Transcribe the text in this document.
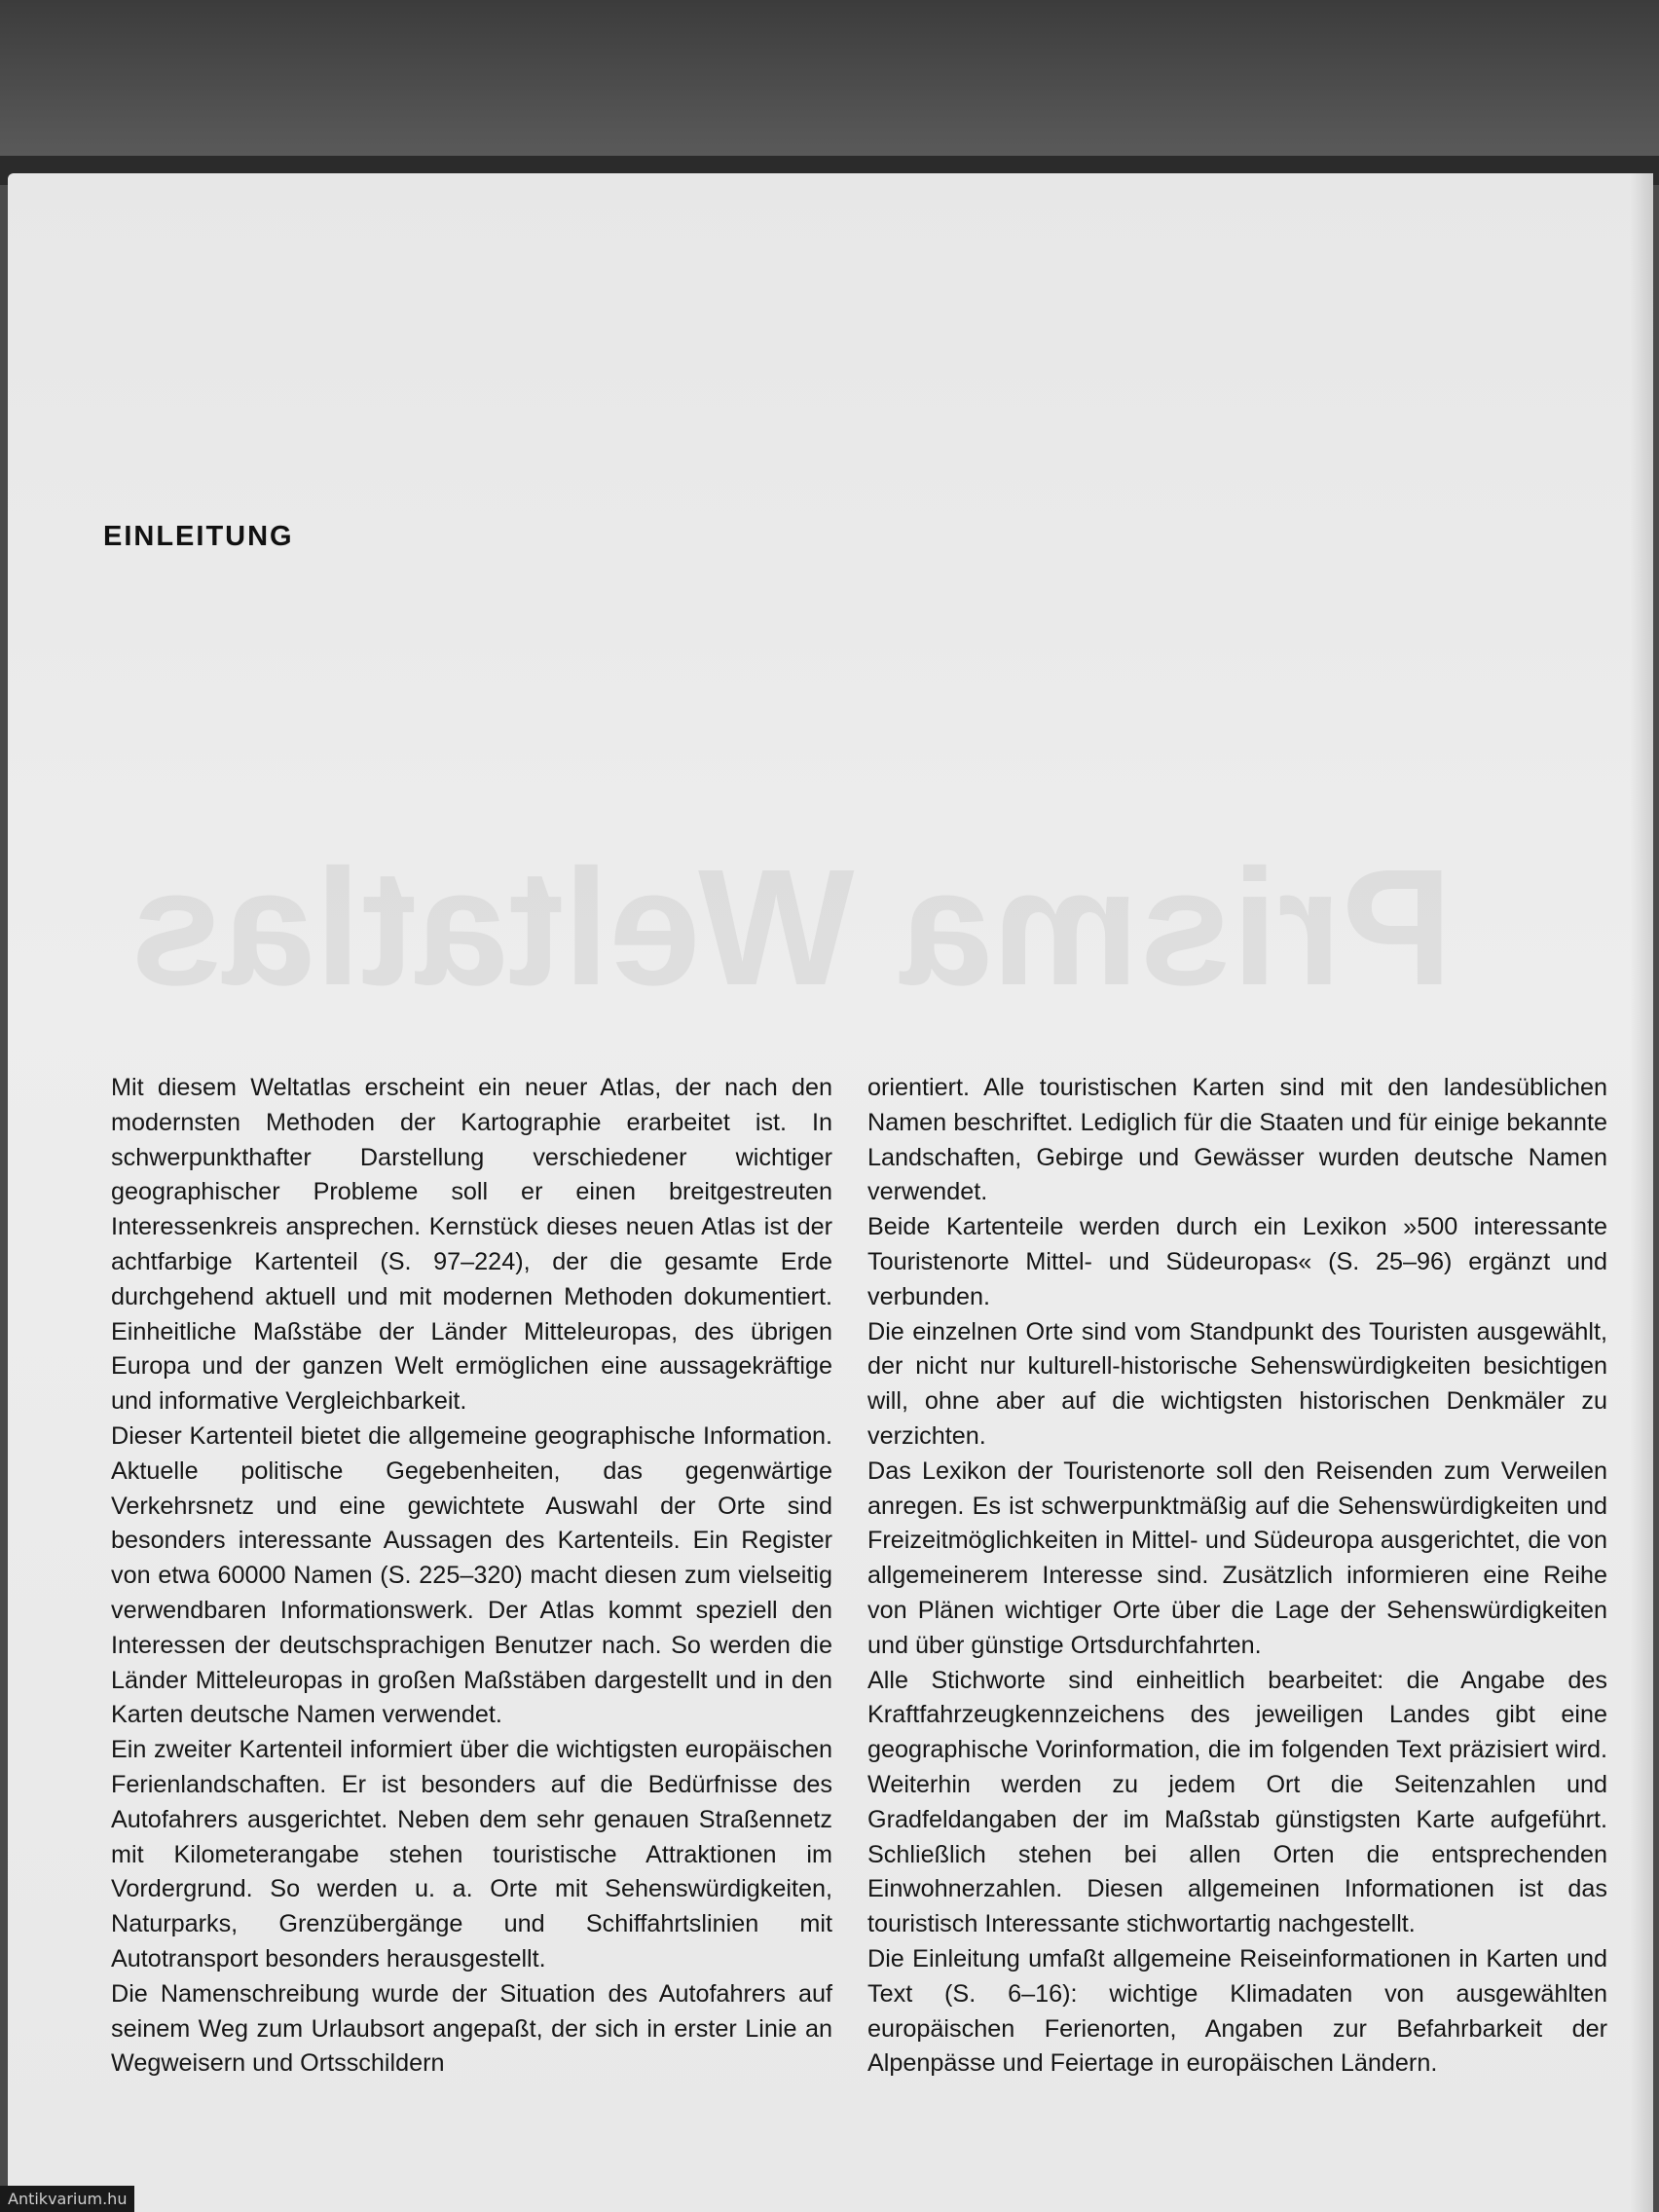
Prisma Weltatlas
EINLEITUNG

Mit diesem Weltatlas erscheint ein neuer Atlas, der nach den modernsten Methoden der Kartographie erarbeitet ist. In schwerpunkthafter Darstellung verschiedener wichtiger geographischer Probleme soll er einen breitgestreuten Interessenkreis ansprechen. Kernstück dieses neuen Atlas ist der achtfarbige Kartenteil (S. 97–224), der die gesamte Erde durchgehend aktuell und mit modernen Methoden dokumentiert. Einheitliche Maßstäbe der Länder Mitteleuropas, des übrigen Europa und der ganzen Welt ermöglichen eine aussagekräftige und informative Vergleichbarkeit.

Dieser Kartenteil bietet die allgemeine geographische Information. Aktuelle politische Gegebenheiten, das gegenwärtige Verkehrsnetz und eine gewichtete Auswahl der Orte sind besonders interessante Aussagen des Kartenteils. Ein Register von etwa 60000 Namen (S. 225–320) macht diesen zum vielseitig verwendbaren Informationswerk. Der Atlas kommt speziell den Interessen der deutschsprachigen Benutzer nach. So werden die Länder Mitteleuropas in großen Maßstäben dargestellt und in den Karten deutsche Namen verwendet.

Ein zweiter Kartenteil informiert über die wichtigsten europäischen Ferienlandschaften. Er ist besonders auf die Bedürfnisse des Autofahrers ausgerichtet. Neben dem sehr genauen Straßennetz mit Kilometerangabe stehen touristische Attraktionen im Vordergrund. So werden u. a. Orte mit Sehenswürdigkeiten, Naturparks, Grenzübergänge und Schiffahrtslinien mit Autotransport besonders herausgestellt.

Die Namenschreibung wurde der Situation des Autofahrers auf seinem Weg zum Urlaubsort angepaßt, der sich in erster Linie an Wegweisern und Ortsschildern

orientiert. Alle touristischen Karten sind mit den landesüblichen Namen beschriftet. Lediglich für die Staaten und für einige bekannte Landschaften, Gebirge und Gewässer wurden deutsche Namen verwendet.

Beide Kartenteile werden durch ein Lexikon »500 interessante Touristenorte Mittel- und Südeuropas« (S. 25–96) ergänzt und verbunden.

Die einzelnen Orte sind vom Standpunkt des Touristen ausgewählt, der nicht nur kulturell-historische Sehenswürdigkeiten besichtigen will, ohne aber auf die wichtigsten historischen Denkmäler zu verzichten.

Das Lexikon der Touristenorte soll den Reisenden zum Verweilen anregen. Es ist schwerpunktmäßig auf die Sehenswürdigkeiten und Freizeitmöglichkeiten in Mittel- und Südeuropa ausgerichtet, die von allgemeinerem Interesse sind. Zusätzlich informieren eine Reihe von Plänen wichtiger Orte über die Lage der Sehenswürdigkeiten und über günstige Ortsdurchfahrten.

Alle Stichworte sind einheitlich bearbeitet: die Angabe des Kraftfahrzeugkennzeichens des jeweiligen Landes gibt eine geographische Vorinformation, die im folgenden Text präzisiert wird. Weiterhin werden zu jedem Ort die Seitenzahlen und Gradfeldangaben der im Maßstab günstigsten Karte aufgeführt. Schließlich stehen bei allen Orten die entsprechenden Einwohnerzahlen. Diesen allgemeinen Informationen ist das touristisch Interessante stichwortartig nachgestellt.

Die Einleitung umfaßt allgemeine Reiseinformationen in Karten und Text (S. 6–16): wichtige Klimadaten von ausgewählten europäischen Ferienorten, Angaben zur Befahrbarkeit der Alpenpässe und Feiertage in europäischen Ländern.

Antikvarium.hu
